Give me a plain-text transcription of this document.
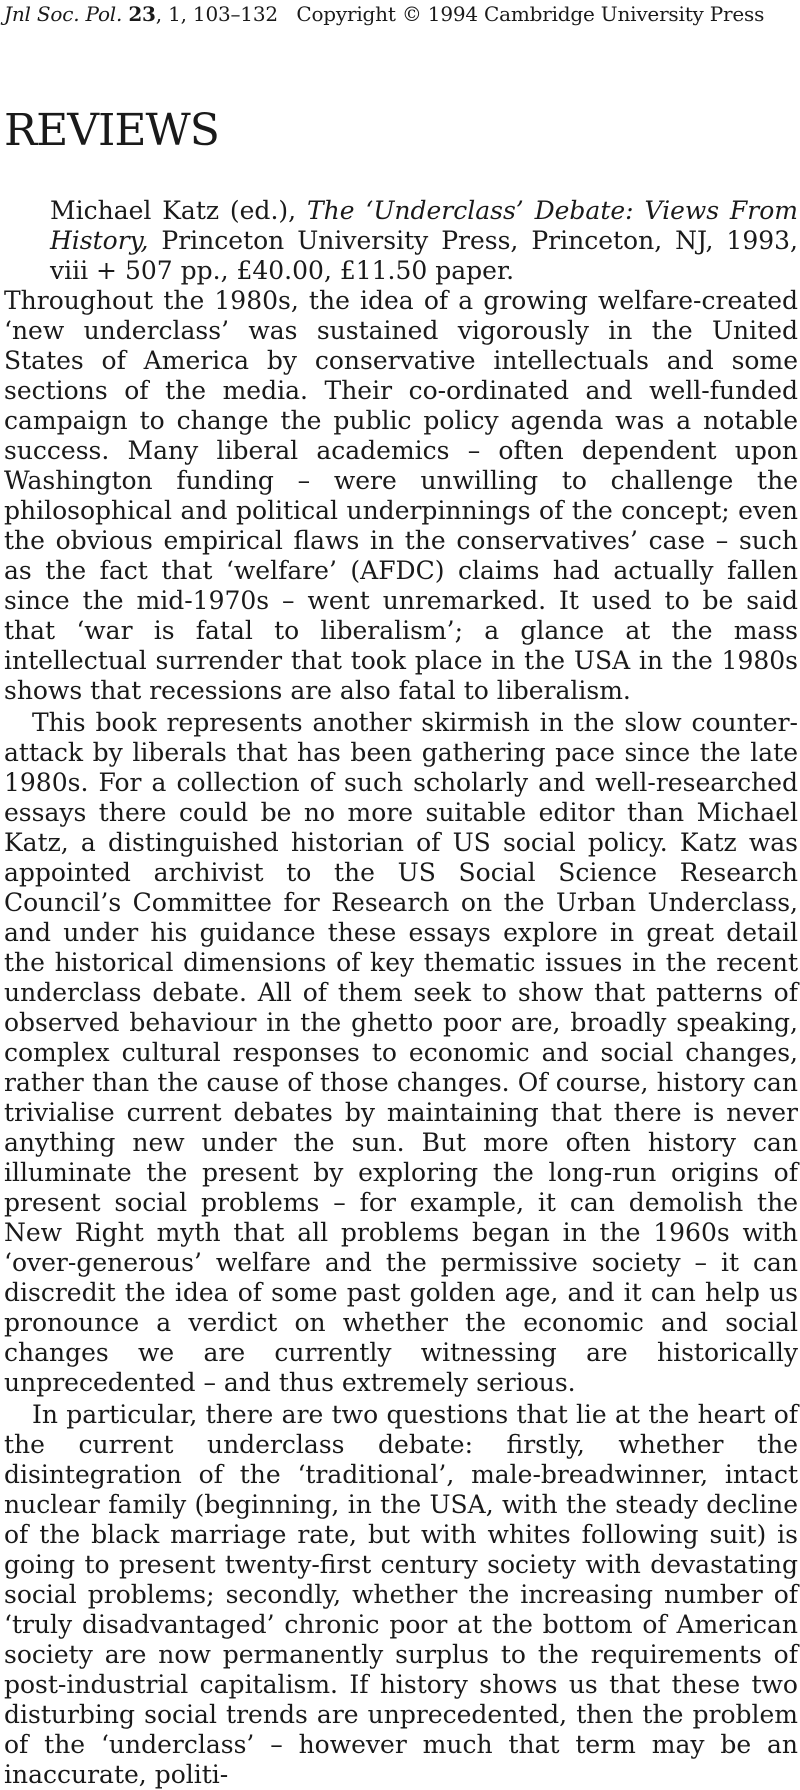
Jnl Soc. Pol. 23, 1, 103–132 Copyright © 1994 Cambridge University Press
REVIEWS
Michael Katz (ed.), The ‘Underclass’ Debate: Views From History, Princeton University Press, Princeton, NJ, 1993, viii + 507 pp., £40.00, £11.50 paper.

Throughout the 1980s, the idea of a growing welfare-created ‘new underclass’ was sustained vigorously in the United States of America by conservative intellectuals and some sections of the media. Their co-ordinated and well-funded campaign to change the public policy agenda was a notable success. Many liberal academics – often dependent upon Washington funding – were unwilling to challenge the philosophical and political underpinnings of the concept; even the obvious empirical flaws in the conservatives’ case – such as the fact that ‘welfare’ (AFDC) claims had actually fallen since the mid-1970s – went unremarked. It used to be said that ‘war is fatal to liberalism’; a glance at the mass intellectual surrender that took place in the USA in the 1980s shows that recessions are also fatal to liberalism.

This book represents another skirmish in the slow counter-attack by liberals that has been gathering pace since the late 1980s. For a collection of such scholarly and well-researched essays there could be no more suitable editor than Michael Katz, a distinguished historian of US social policy. Katz was appointed archivist to the US Social Science Research Council’s Committee for Research on the Urban Underclass, and under his guidance these essays explore in great detail the historical dimensions of key thematic issues in the recent underclass debate. All of them seek to show that patterns of observed behaviour in the ghetto poor are, broadly speaking, complex cultural responses to economic and social changes, rather than the cause of those changes. Of course, history can trivialise current debates by maintaining that there is never anything new under the sun. But more often history can illuminate the present by exploring the long-run origins of present social problems – for example, it can demolish the New Right myth that all problems began in the 1960s with ‘over-generous’ welfare and the permissive society – it can discredit the idea of some past golden age, and it can help us pronounce a verdict on whether the economic and social changes we are currently witnessing are historically unprecedented – and thus extremely serious.

In particular, there are two questions that lie at the heart of the current underclass debate: firstly, whether the disintegration of the ‘traditional’, male-breadwinner, intact nuclear family (beginning, in the USA, with the steady decline of the black marriage rate, but with whites following suit) is going to present twenty-first century society with devastating social problems; secondly, whether the increasing number of ‘truly disadvantaged’ chronic poor at the bottom of American society are now permanently surplus to the requirements of post-industrial capitalism. If history shows us that these two disturbing social trends are unprecedented, then the problem of the ‘underclass’ – however much that term may be an inaccurate, politi-
